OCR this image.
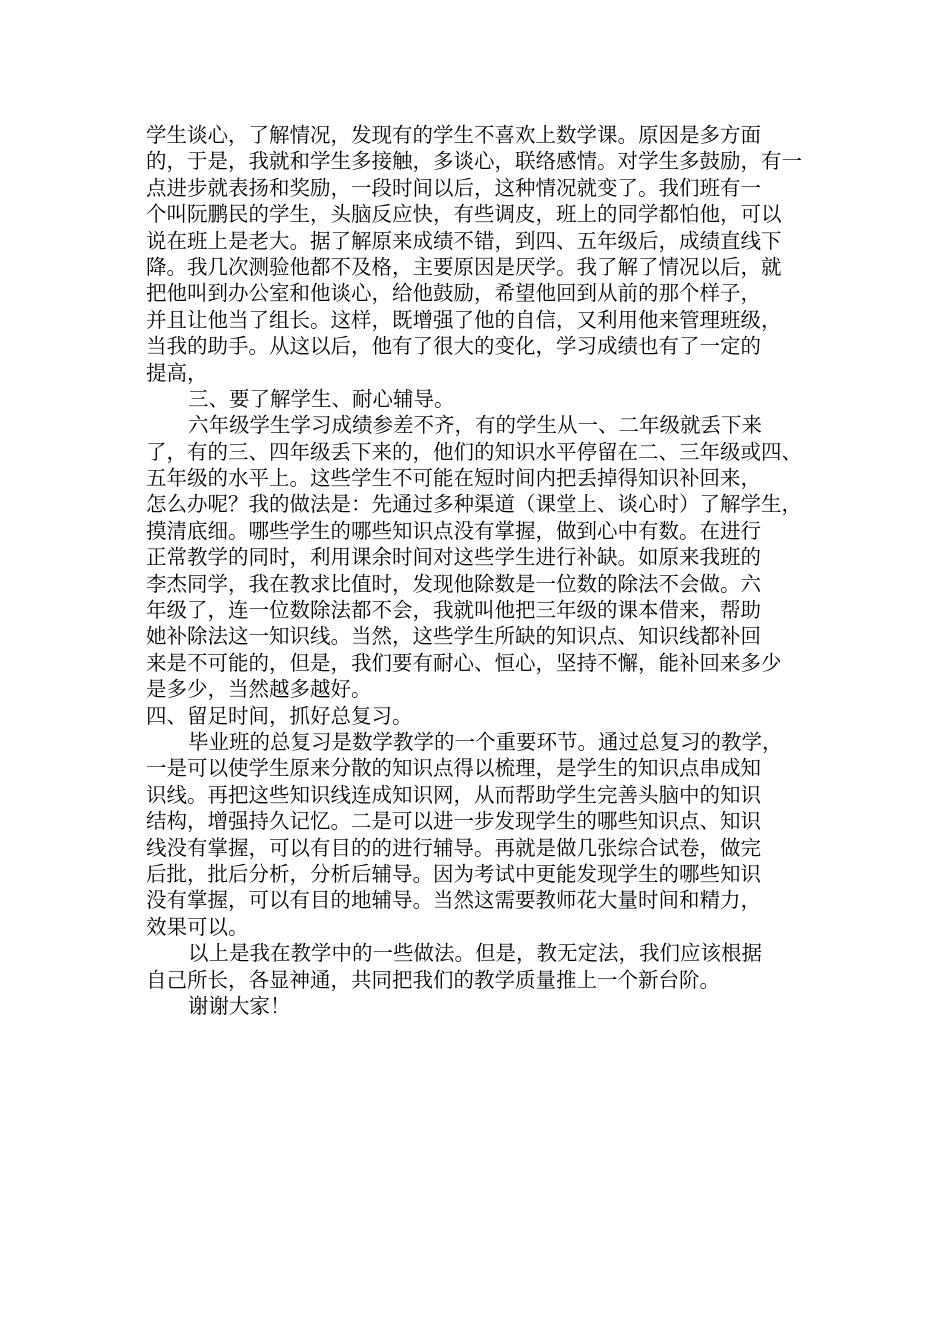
学生谈心，了解情况，发现有的学生不喜欢上数学课。原因是多方面
的，于是，我就和学生多接触，多谈心，联络感情。对学生多鼓励，有一
点进步就表扬和奖励，一段时间以后，这种情况就变了。我们班有一
个叫阮鹏民的学生，头脑反应快，有些调皮，班上的同学都怕他，可以
说在班上是老大。据了解原来成绩不错，到四、五年级后，成绩直线下
降。我几次测验他都不及格，主要原因是厌学。我了解了情况以后，就
把他叫到办公室和他谈心，给他鼓励，希望他回到从前的那个样子，
并且让他当了组长。这样，既增强了他的自信，又利用他来管理班级，
当我的助手。从这以后，他有了很大的变化，学习成绩也有了一定的
提高，
三、要了解学生、耐心辅导。
六年级学生学习成绩参差不齐，有的学生从一、二年级就丢下来
了，有的三、四年级丢下来的，他们的知识水平停留在二、三年级或四、
五年级的水平上。这些学生不可能在短时间内把丢掉得知识补回来，
怎么办呢？我的做法是：先通过多种渠道（课堂上、谈心时）了解学生，
摸清底细。哪些学生的哪些知识点没有掌握，做到心中有数。在进行
正常教学的同时，利用课余时间对这些学生进行补缺。如原来我班的
李杰同学，我在教求比值时，发现他除数是一位数的除法不会做。六
年级了，连一位数除法都不会，我就叫他把三年级的课本借来，帮助
她补除法这一知识线。当然，这些学生所缺的知识点、知识线都补回
来是不可能的，但是，我们要有耐心、恒心，坚持不懈，能补回来多少
是多少，当然越多越好。
四、留足时间，抓好总复习。
毕业班的总复习是数学教学的一个重要环节。通过总复习的教学，
一是可以使学生原来分散的知识点得以梳理，是学生的知识点串成知
识线。再把这些知识线连成知识网，从而帮助学生完善头脑中的知识
结构，增强持久记忆。二是可以进一步发现学生的哪些知识点、知识
线没有掌握，可以有目的的进行辅导。再就是做几张综合试卷，做完
后批，批后分析，分析后辅导。因为考试中更能发现学生的哪些知识
没有掌握，可以有目的地辅导。当然这需要教师花大量时间和精力，
效果可以。
以上是我在教学中的一些做法。但是，教无定法，我们应该根据
自己所长，各显神通，共同把我们的教学质量推上一个新台阶。
谢谢大家！
